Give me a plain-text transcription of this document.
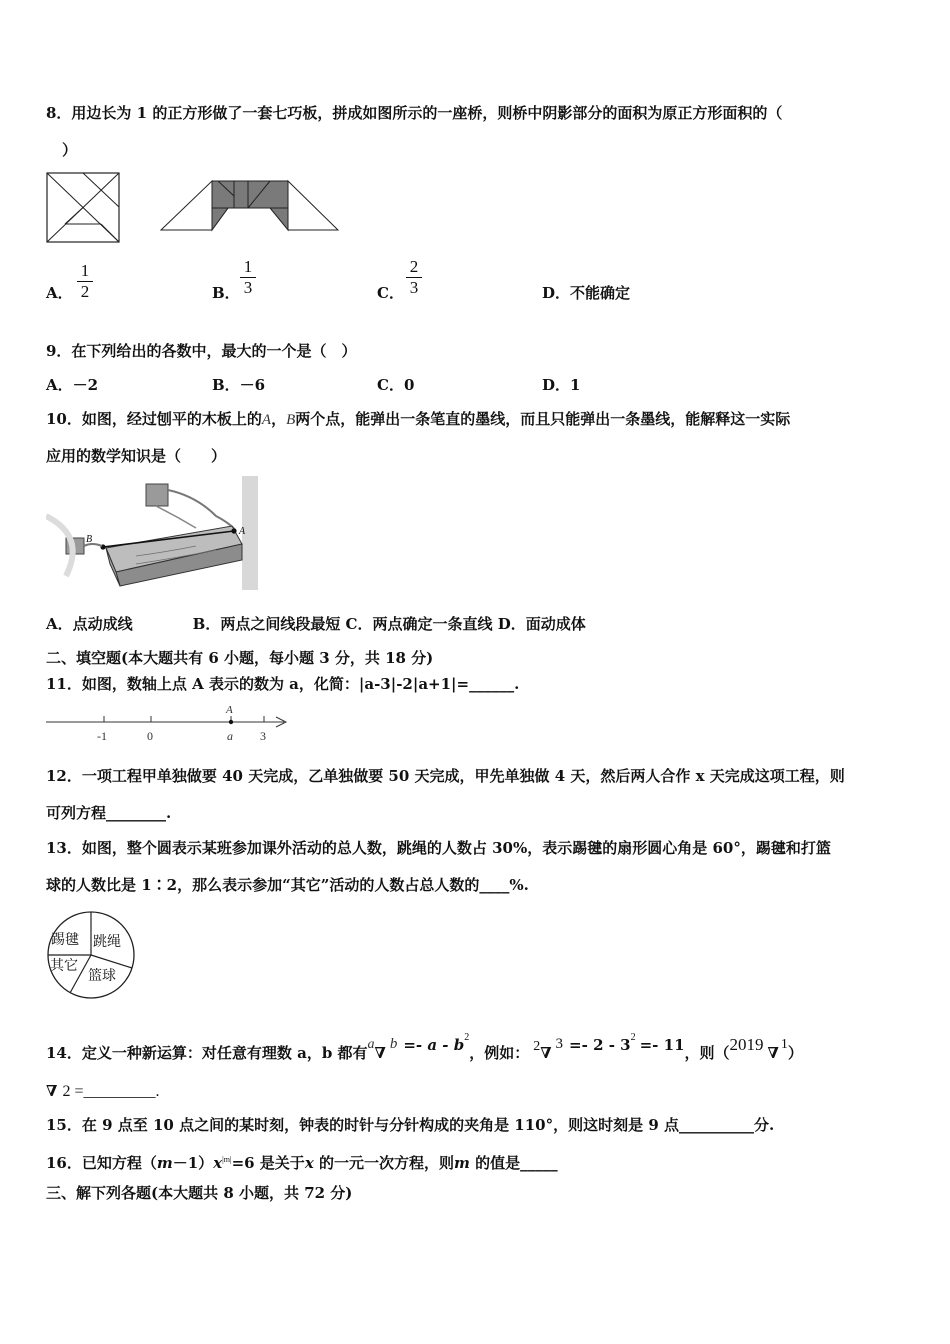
8．用边长为 1 的正方形做了一套七巧板，拼成如图所示的一座桥，则桥中阴影部分的面积为原正方形面积的（
）
A．
1
2	B．
1
3	C．
2
3	D．不能确定
9．在下列给出的各数中，最大的一个是（　）
A．－2	B．－6	C．0	D．1
10．如图，经过刨平的木板上的A，B两个点，能弹出一条笔直的墨线，而且只能弹出一条墨线，能解释这一实际
应用的数学知识是（　　）
B
A
A．点动成线　　　　B．两点之间线段最短 C．两点确定一条直线 D．面动成体
二、填空题(本大题共有 6 小题，每小题 3 分，共 18 分)
11．如图，数轴上点 A 表示的数为 a，化简：|a-3|-2|a+1|=______.
A
-1	0	a 3
12．一项工程甲单独做要 40 天完成，乙单独做要 50 天完成，甲先单独做 4 天，然后两人合作 x 天完成这项工程，则
可列方程________.
13．如图，整个圆表示某班参加课外活动的总人数，跳绳的人数占 30%，表示踢毽的扇形圆心角是 60°，踢毽和打篮
球的人数比是 1∶2，那么表示参加“其它”活动的人数占总人数的____%.
踢毽 跳绳
其它
篮球
14．定义一种新运算：对任意有理数 a，b 都有a∇ $b =- a - b^2$，例如： 2∇ $3 =- 2 - 3^2 =- 11$，则（2019 ∇ 1）
∇ 2 =_________.
15．在 9 点至 10 点之间的某时刻，钟表的时针与分针构成的夹角是 110°，则这时刻是 9 点__________分.
16．已知方程$(m-1)x^{|m|}=6$ 是关于x 的一元一次方程，则m 的值是_____
三、解下列各题(本大题共 8 小题，共 72 分)
